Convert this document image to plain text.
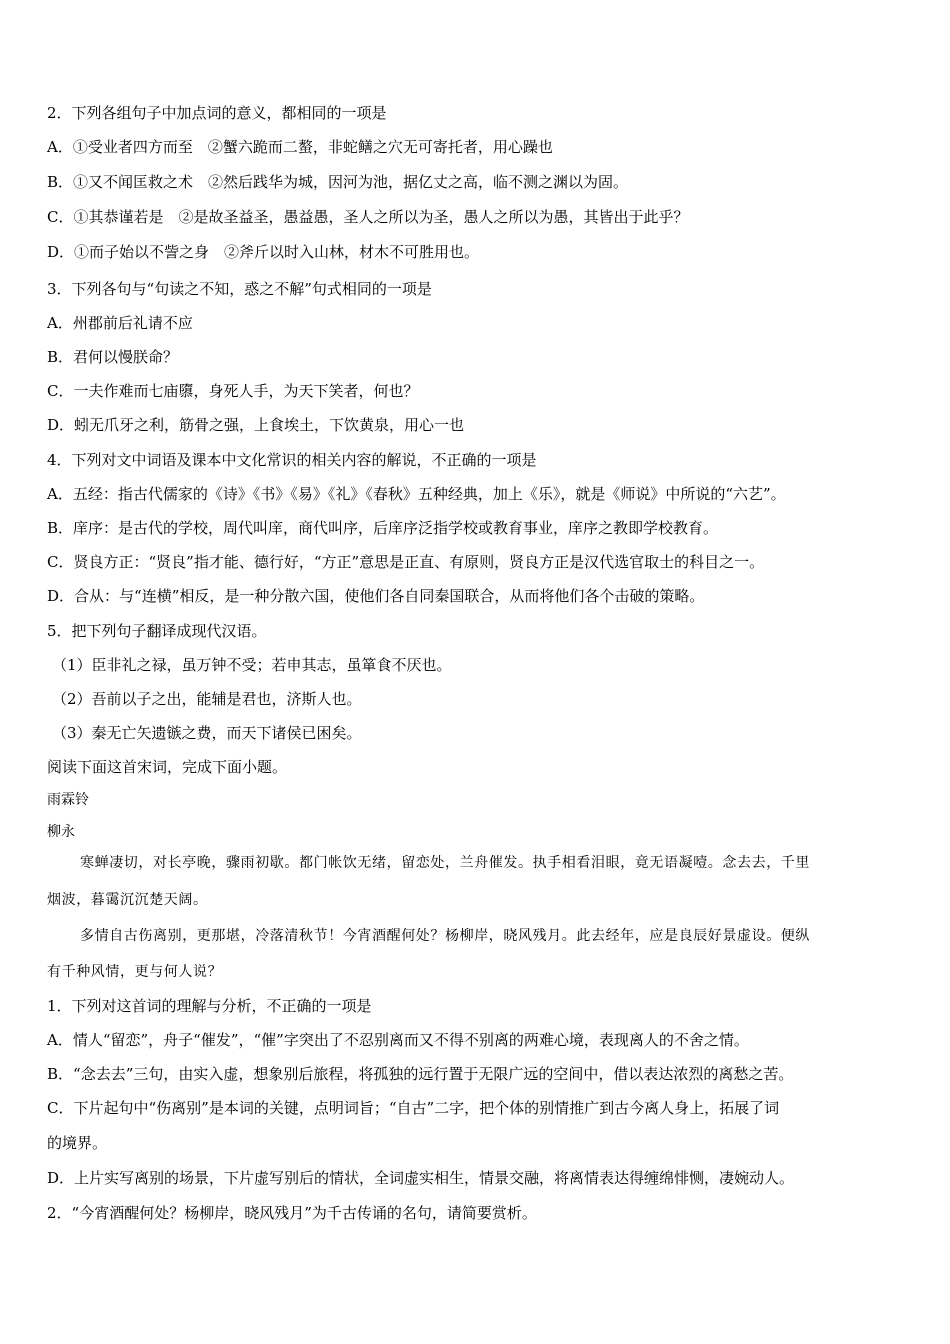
2．下列各组句子中加点词的意义，都相同的一项是
A．①受业者四方而至　②蟹六跪而二螯，非蛇鳝之穴无可寄托者，用心躁也
B．①又不闻匡救之术　②然后践华为城，因河为池，据亿丈之高，临不测之渊以为固。
C．①其恭谨若是　②是故圣益圣，愚益愚，圣人之所以为圣，愚人之所以为愚，其皆出于此乎？
D．①而子始以不訾之身　②斧斤以时入山林，材木不可胜用也。
3．下列各句与“句读之不知，惑之不解”句式相同的一项是
A．州郡前后礼请不应
B．君何以慢朕命？
C．一夫作难而七庙隳，身死人手，为天下笑者，何也？
D．蚓无爪牙之利，筋骨之强，上食埃土，下饮黄泉，用心一也
4．下列对文中词语及课本中文化常识的相关内容的解说，不正确的一项是
A．五经：指古代儒家的《诗》《书》《易》《礼》《春秋》五种经典，加上《乐》，就是《师说》中所说的“六艺”。
B．庠序：是古代的学校，周代叫庠，商代叫序，后庠序泛指学校或教育事业，庠序之教即学校教育。
C．贤良方正：“贤良”指才能、德行好，“方正”意思是正直、有原则，贤良方正是汉代选官取士的科目之一。
D．合从：与“连横”相反，是一种分散六国，使他们各自同秦国联合，从而将他们各个击破的策略。
5．把下列句子翻译成现代汉语。
（1）臣非礼之禄，虽万钟不受；若申其志，虽箪食不厌也。
（2）吾前以子之出，能辅是君也，济斯人也。
（3）秦无亡矢遗镞之费，而天下诸侯已困矣。
阅读下面这首宋词，完成下面小题。
雨霖铃
柳永
寒蝉凄切，对长亭晚，骤雨初歇。都门帐饮无绪，留恋处，兰舟催发。执手相看泪眼，竟无语凝噎。念去去，千里
烟波，暮霭沉沉楚天阔。
多情自古伤离别，更那堪，冷落清秋节！今宵酒醒何处？杨柳岸，晓风残月。此去经年，应是良辰好景虚设。便纵
有千种风情，更与何人说？
1．下列对这首词的理解与分析，不正确的一项是
A．情人“留恋”，舟子“催发”，“催”字突出了不忍别离而又不得不别离的两难心境，表现离人的不舍之情。
B．“念去去”三句，由实入虚，想象别后旅程，将孤独的远行置于无限广远的空间中，借以表达浓烈的离愁之苦。
C．下片起句中“伤离别”是本词的关键，点明词旨；“自古”二字，把个体的别情推广到古今离人身上，拓展了词
的境界。
D．上片实写离别的场景，下片虚写别后的情状，全词虚实相生，情景交融，将离情表达得缠绵悱恻，凄婉动人。
2．“今宵酒醒何处？杨柳岸，晓风残月”为千古传诵的名句，请简要赏析。
